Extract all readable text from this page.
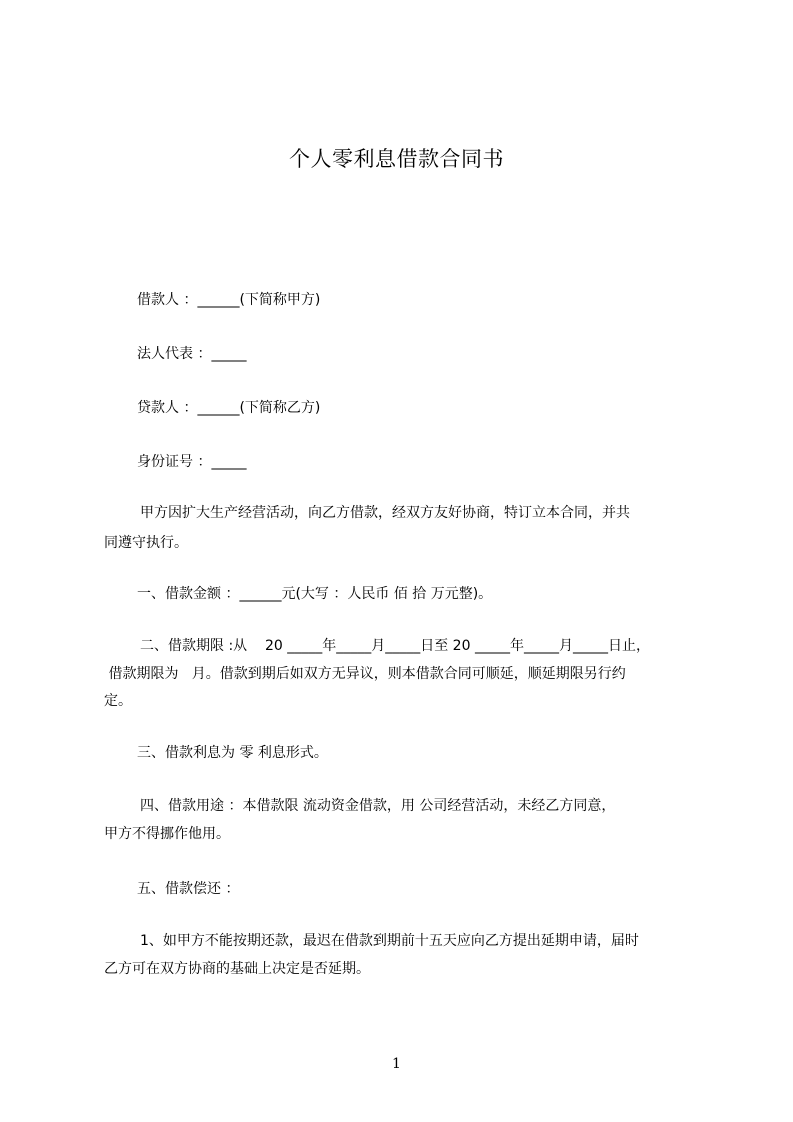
个人零利息借款合同书
借款人 ：______(下简称甲方)
法人代表 ：_____
贷款人 ：______(下简称乙方)
身份证号 ：_____
甲方因扩大生产经营活动，向乙方借款，经双方友好协商，特订立本合同，并共
同遵守执行。
一、借款金额 ：______元(大写 ：人民币 佰 拾 万元整)。
二、借款期限 :从    20 _____年_____月_____日至 20 _____年_____月_____日止，
借款期限为   月。借款到期后如双方无异议，则本借款合同可顺延，顺延期限另行约
定。
三、借款利息为 零 利息形式。
四、借款用途 ：本借款限 流动资金借款，用 公司经营活动，未经乙方同意，
甲方不得挪作他用。
五、借款偿还 ：
1、如甲方不能按期还款，最迟在借款到期前十五天应向乙方提出延期申请，届时
乙方可在双方协商的基础上决定是否延期。
1
